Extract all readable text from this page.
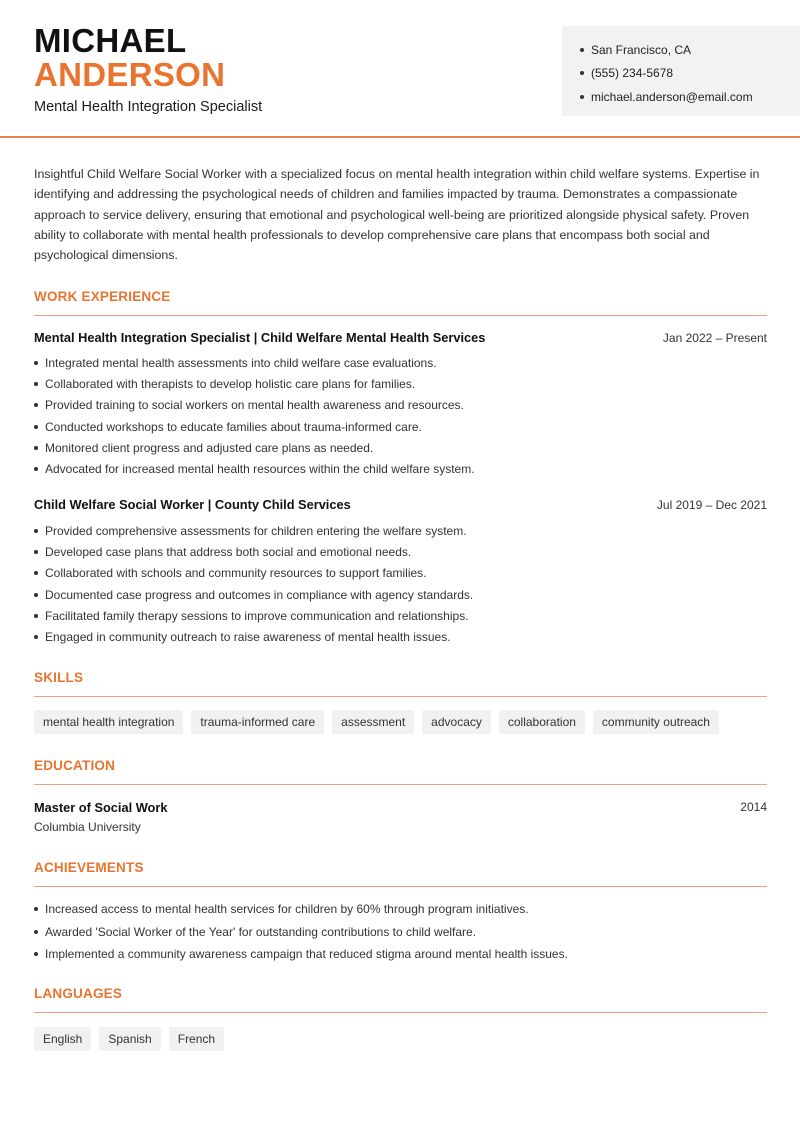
MICHAEL
ANDERSON
Mental Health Integration Specialist
San Francisco, CA
(555) 234-5678
michael.anderson@email.com

Insightful Child Welfare Social Worker with a specialized focus on mental health integration within child welfare systems. Expertise in identifying and addressing the psychological needs of children and families impacted by trauma. Demonstrates a compassionate approach to service delivery, ensuring that emotional and psychological well-being are prioritized alongside physical safety. Proven ability to collaborate with mental health professionals to develop comprehensive care plans that encompass both social and psychological dimensions.

WORK EXPERIENCE
Mental Health Integration Specialist | Child Welfare Mental Health Services	Jan 2022 – Present
Integrated mental health assessments into child welfare case evaluations.
Collaborated with therapists to develop holistic care plans for families.
Provided training to social workers on mental health awareness and resources.
Conducted workshops to educate families about trauma-informed care.
Monitored client progress and adjusted care plans as needed.
Advocated for increased mental health resources within the child welfare system.
Child Welfare Social Worker | County Child Services	Jul 2019 – Dec 2021
Provided comprehensive assessments for children entering the welfare system.
Developed case plans that address both social and emotional needs.
Collaborated with schools and community resources to support families.
Documented case progress and outcomes in compliance with agency standards.
Facilitated family therapy sessions to improve communication and relationships.
Engaged in community outreach to raise awareness of mental health issues.
SKILLS
mental health integration	trauma-informed care	assessment	advocacy	collaboration	community outreach
EDUCATION
Master of Social Work	2014
Columbia University
ACHIEVEMENTS
Increased access to mental health services for children by 60% through program initiatives.
Awarded 'Social Worker of the Year' for outstanding contributions to child welfare.
Implemented a community awareness campaign that reduced stigma around mental health issues.
LANGUAGES
English	Spanish	French
